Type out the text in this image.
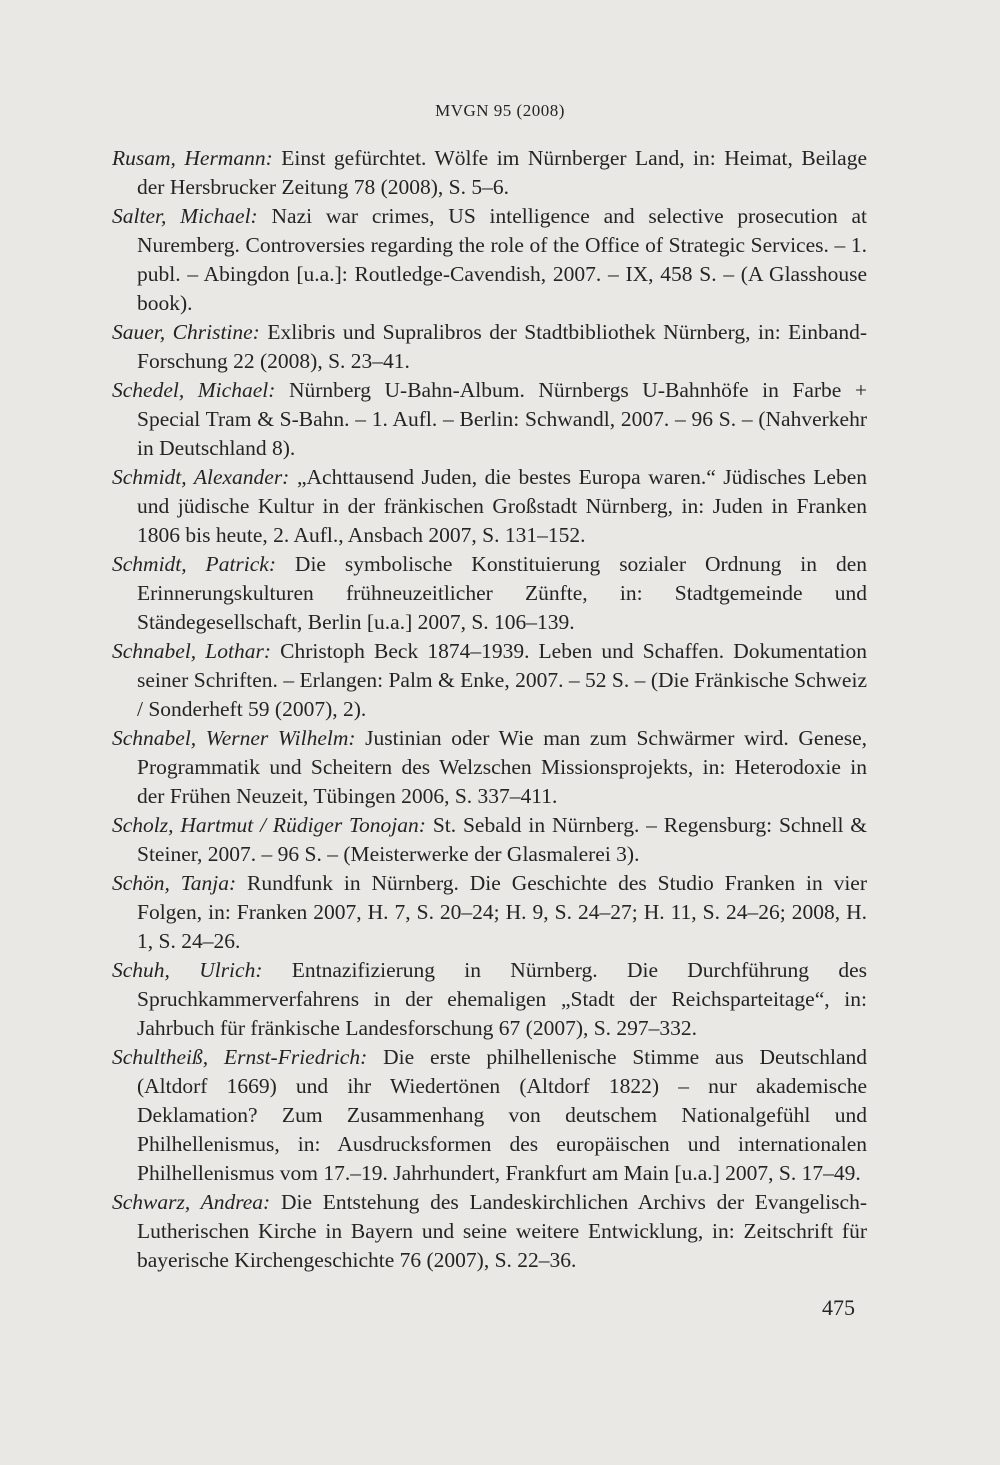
MVGN 95 (2008)

Rusam, Hermann: Einst gefürchtet. Wölfe im Nürnberger Land, in: Heimat, Beilage der Hersbrucker Zeitung 78 (2008), S. 5–6.

Salter, Michael: Nazi war crimes, US intelligence and selective prosecution at Nuremberg. Controversies regarding the role of the Office of Strategic Services. – 1. publ. – Abingdon [u.a.]: Routledge-Cavendish, 2007. – IX, 458 S. – (A Glasshouse book).

Sauer, Christine: Exlibris und Supralibros der Stadtbibliothek Nürnberg, in: Einband-Forschung 22 (2008), S. 23–41.

Schedel, Michael: Nürnberg U-Bahn-Album. Nürnbergs U-Bahnhöfe in Farbe + Special Tram & S-Bahn. – 1. Aufl. – Berlin: Schwandl, 2007. – 96 S. – (Nahverkehr in Deutschland 8).

Schmidt, Alexander: „Achttausend Juden, die bestes Europa waren.“ Jüdisches Leben und jüdische Kultur in der fränkischen Großstadt Nürnberg, in: Juden in Franken 1806 bis heute, 2. Aufl., Ansbach 2007, S. 131–152.

Schmidt, Patrick: Die symbolische Konstituierung sozialer Ordnung in den Erinnerungskulturen frühneuzeitlicher Zünfte, in: Stadtgemeinde und Ständegesellschaft, Berlin [u.a.] 2007, S. 106–139.

Schnabel, Lothar: Christoph Beck 1874–1939. Leben und Schaffen. Dokumentation seiner Schriften. – Erlangen: Palm & Enke, 2007. – 52 S. – (Die Fränkische Schweiz / Sonderheft 59 (2007), 2).

Schnabel, Werner Wilhelm: Justinian oder Wie man zum Schwärmer wird. Genese, Programmatik und Scheitern des Welzschen Missionsprojekts, in: Heterodoxie in der Frühen Neuzeit, Tübingen 2006, S. 337–411.

Scholz, Hartmut / Rüdiger Tonojan: St. Sebald in Nürnberg. – Regensburg: Schnell & Steiner, 2007. – 96 S. – (Meisterwerke der Glasmalerei 3).

Schön, Tanja: Rundfunk in Nürnberg. Die Geschichte des Studio Franken in vier Folgen, in: Franken 2007, H. 7, S. 20–24; H. 9, S. 24–27; H. 11, S. 24–26; 2008, H. 1, S. 24–26.

Schuh, Ulrich: Entnazifizierung in Nürnberg. Die Durchführung des Spruchkammerverfahrens in der ehemaligen „Stadt der Reichsparteitage“, in: Jahrbuch für fränkische Landesforschung 67 (2007), S. 297–332.

Schultheiß, Ernst-Friedrich: Die erste philhellenische Stimme aus Deutschland (Altdorf 1669) und ihr Wiedertönen (Altdorf 1822) – nur akademische Deklamation? Zum Zusammenhang von deutschem Nationalgefühl und Philhellenismus, in: Ausdrucksformen des europäischen und internationalen Philhellenismus vom 17.–19. Jahrhundert, Frankfurt am Main [u.a.] 2007, S. 17–49.

Schwarz, Andrea: Die Entstehung des Landeskirchlichen Archivs der Evangelisch-Lutherischen Kirche in Bayern und seine weitere Entwicklung, in: Zeitschrift für bayerische Kirchengeschichte 76 (2007), S. 22–36.

475
